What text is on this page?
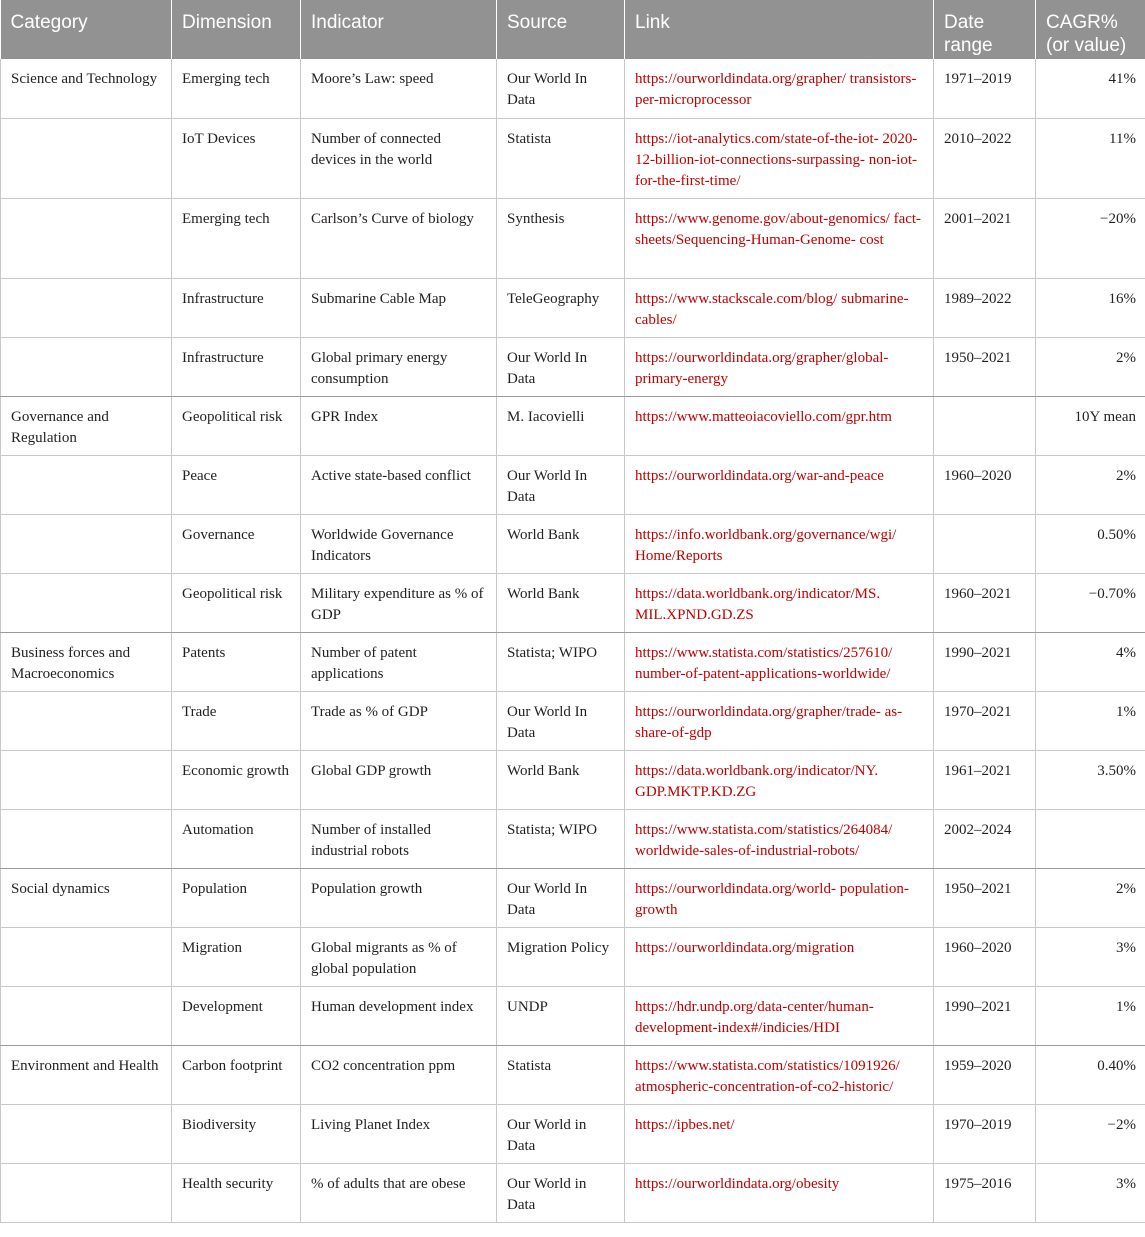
Category	Dimension	Indicator	Source	Link	Date range	CAGR% (or value)
Science and Technology	Emerging tech	Moore’s Law: speed	Our World In Data	https://ourworldindata.org/grapher/ transistors-per-microprocessor	1971–2019	41%
	IoT Devices	Number of connected devices in the world	Statista	https://iot-analytics.com/state-of-the-iot- 2020-12-billion-iot-connections-surpassing- non-iot-for-the-first-time/	2010–2022	11%
	Emerging tech	Carlson’s Curve of biology	Synthesis	https://www.genome.gov/about-genomics/ fact-sheets/Sequencing-Human-Genome- cost	2001–2021	−20%
	Infrastructure	Submarine Cable Map	TeleGeography	https://www.stackscale.com/blog/ submarine-cables/	1989–2022	16%
	Infrastructure	Global primary energy consumption	Our World In Data	https://ourworldindata.org/grapher/global- primary-energy	1950–2021	2%
Governance and Regulation	Geopolitical risk	GPR Index	M. Iacovielli	https://www.matteoiacoviello.com/gpr.htm		10Y mean
	Peace	Active state-based conflict	Our World In Data	https://ourworldindata.org/war-and-peace	1960–2020	2%
	Governance	Worldwide Governance Indicators	World Bank	https://info.worldbank.org/governance/wgi/ Home/Reports		0.50%
	Geopolitical risk	Military expenditure as % of GDP	World Bank	https://data.worldbank.org/indicator/MS. MIL.XPND.GD.ZS	1960–2021	−0.70%
Business forces and Macroeconomics	Patents	Number of patent applications	Statista; WIPO	https://www.statista.com/statistics/257610/ number-of-patent-applications-worldwide/	1990–2021	4%
	Trade	Trade as % of GDP	Our World In Data	https://ourworldindata.org/grapher/trade- as-share-of-gdp	1970–2021	1%
	Economic growth	Global GDP growth	World Bank	https://data.worldbank.org/indicator/NY. GDP.MKTP.KD.ZG	1961–2021	3.50%
	Automation	Number of installed industrial robots	Statista; WIPO	https://www.statista.com/statistics/264084/ worldwide-sales-of-industrial-robots/	2002–2024	
Social dynamics	Population	Population growth	Our World In Data	https://ourworldindata.org/world- population-growth	1950–2021	2%
	Migration	Global migrants as % of global population	Migration Policy	https://ourworldindata.org/migration	1960–2020	3%
	Development	Human development index	UNDP	https://hdr.undp.org/data-center/human- development-index#/indicies/HDI	1990–2021	1%
Environment and Health	Carbon footprint	CO2 concentration ppm	Statista	https://www.statista.com/statistics/1091926/ atmospheric-concentration-of-co2-historic/	1959–2020	0.40%
	Biodiversity	Living Planet Index	Our World in Data	https://ipbes.net/	1970–2019	−2%
	Health security	% of adults that are obese	Our World in Data	https://ourworldindata.org/obesity	1975–2016	3%
